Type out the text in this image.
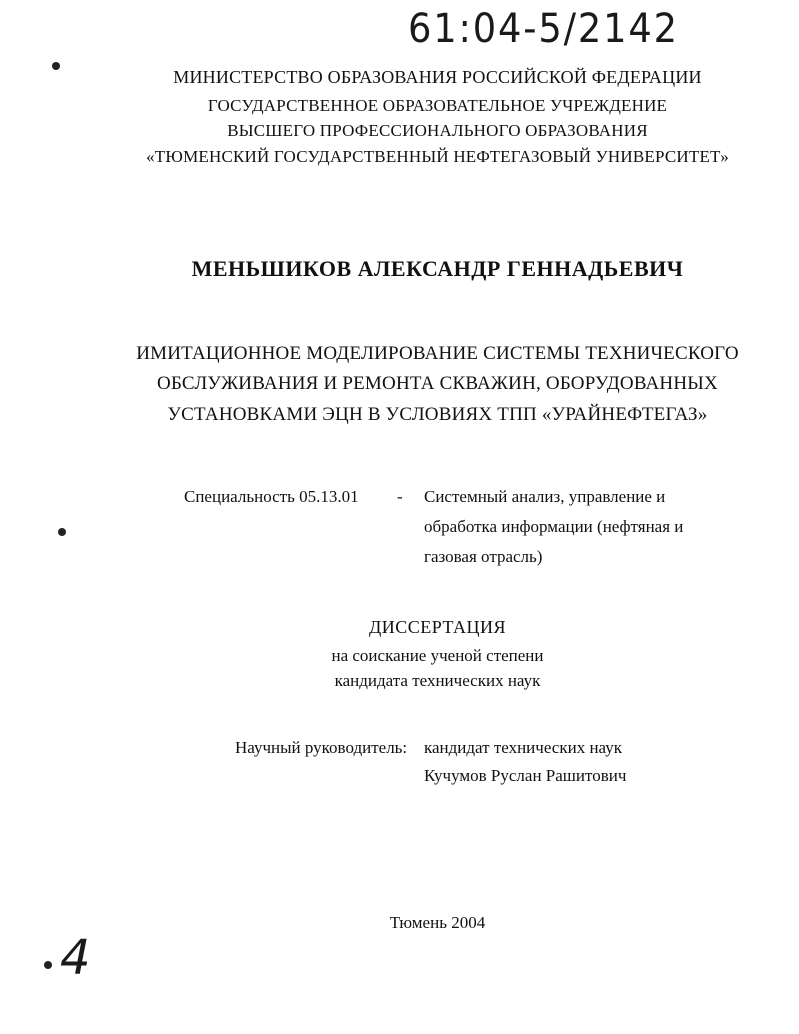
61:04-5/2142
МИНИСТЕРСТВО ОБРАЗОВАНИЯ РОССИЙСКОЙ ФЕДЕРАЦИИ
ГОСУДАРСТВЕННОЕ ОБРАЗОВАТЕЛЬНОЕ УЧРЕЖДЕНИЕ
ВЫСШЕГО ПРОФЕССИОНАЛЬНОГО ОБРАЗОВАНИЯ
«ТЮМЕНСКИЙ ГОСУДАРСТВЕННЫЙ НЕФТЕГАЗОВЫЙ УНИВЕРСИТЕТ»
МЕНЬШИКОВ АЛЕКСАНДР ГЕННАДЬЕВИЧ
ИМИТАЦИОННОЕ МОДЕЛИРОВАНИЕ СИСТЕМЫ ТЕХНИЧЕСКОГО
ОБСЛУЖИВАНИЯ И РЕМОНТА СКВАЖИН, ОБОРУДОВАННЫХ
УСТАНОВКАМИ ЭЦН В УСЛОВИЯХ ТПП «УРАЙНЕФТЕГАЗ»
Специальность 05.13.01 - Системный анализ, управление и
обработка информации (нефтяная и
газовая отрасль)
ДИССЕРТАЦИЯ
на соискание ученой степени
кандидата технических наук
Научный руководитель: кандидат технических наук
Кучумов Руслан Рашитович
Тюмень 2004
4
